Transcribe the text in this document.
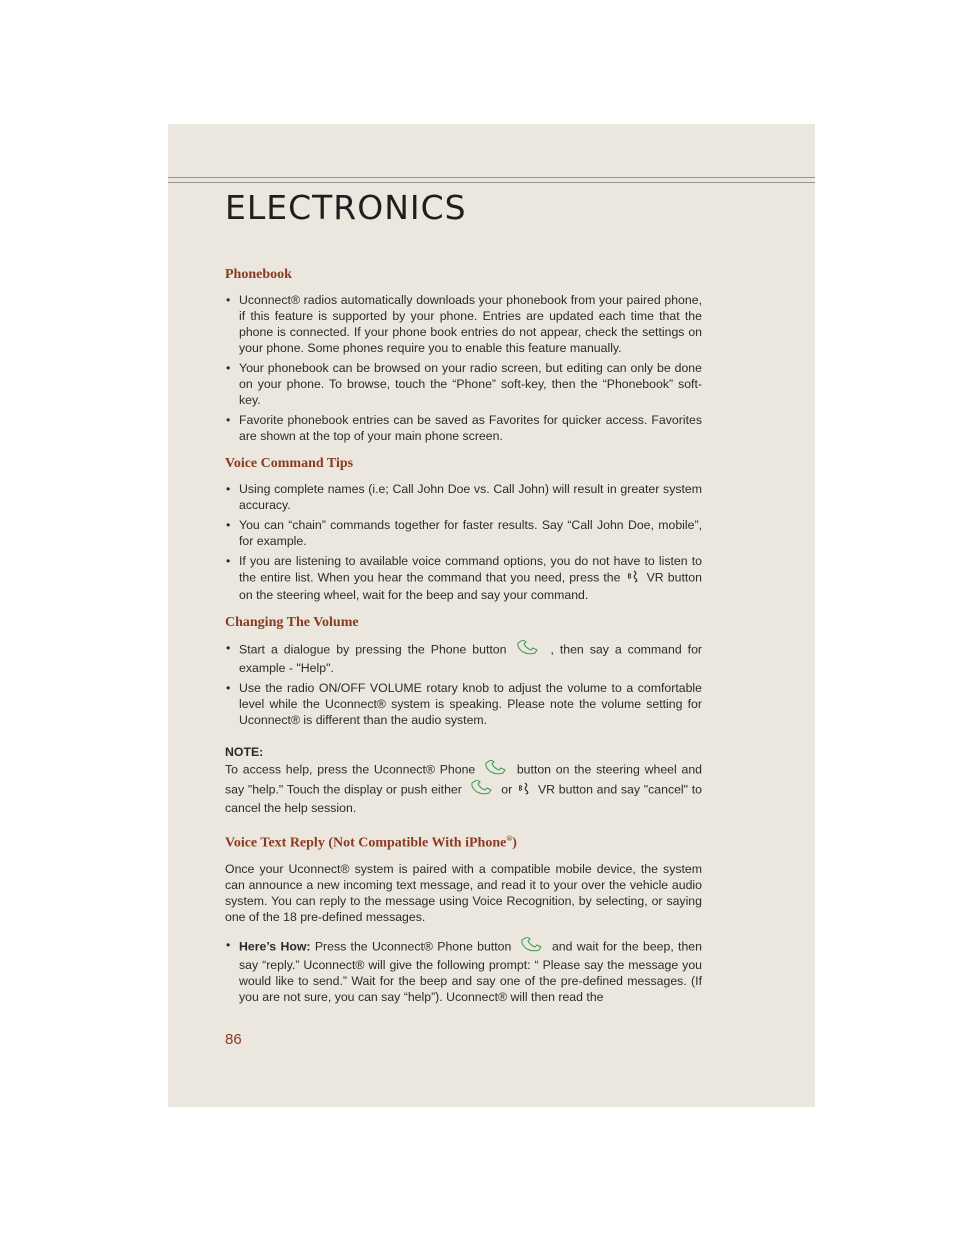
ELECTRONICS
Phonebook
• Uconnect® radios automatically downloads your phonebook from your paired phone, if this feature is supported by your phone. Entries are updated each time that the phone is connected. If your phone book entries do not appear, check the settings on your phone. Some phones require you to enable this feature manually.
• Your phonebook can be browsed on your radio screen, but editing can only be done on your phone. To browse, touch the “Phone” soft-key, then the “Phonebook” soft-key.
• Favorite phonebook entries can be saved as Favorites for quicker access. Favorites are shown at the top of your main phone screen.
Voice Command Tips
• Using complete names (i.e; Call John Doe vs. Call John) will result in greater system accuracy.
• You can “chain” commands together for faster results. Say “Call John Doe, mobile”, for example.
• If you are listening to available voice command options, you do not have to listen to the entire list. When you hear the command that you need, press the VR button on the steering wheel, wait for the beep and say your command.
Changing The Volume
• Start a dialogue by pressing the Phone button	, then say a command for example - "Help".
• Use the radio ON/OFF VOLUME rotary knob to adjust the volume to a comfortable level while the Uconnect® system is speaking. Please note the volume setting for Uconnect® is different than the audio system.
NOTE:

To access help, press the Uconnect® Phone	button on the steering wheel and say "help." Touch the display or push either	or VR button and say "cancel" to cancel the help session.

Voice Text Reply (Not Compatible With iPhone®)

Once your Uconnect® system is paired with a compatible mobile device, the system can announce a new incoming text message, and read it to your over the vehicle audio system. You can reply to the message using Voice Recognition, by selecting, or saying one of the 18 pre-defined messages.

• Here’s How: Press the Uconnect® Phone button	and wait for the beep, then say “reply.” Uconnect® will give the following prompt: “ Please say the message you would like to send.” Wait for the beep and say one of the pre-defined messages. (If you are not sure, you can say “help”). Uconnect® will then read the
86
